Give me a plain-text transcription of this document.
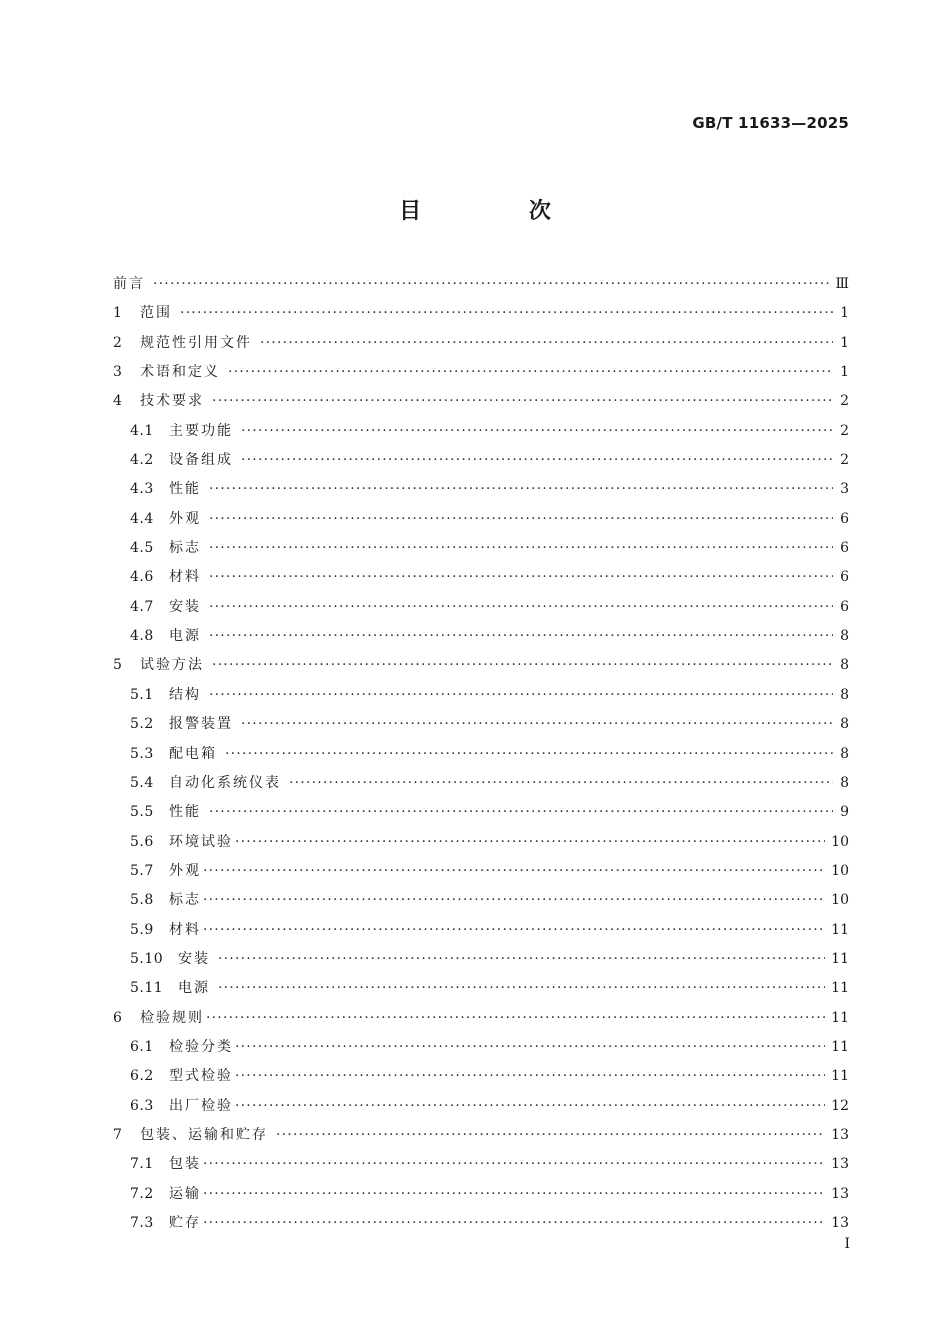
GB/T 11633—2025
目 次
前言 ·····	Ⅲ
1	范围 ·····	1
2	规范性引用文件 ·····	1
3	术语和定义 ·····	1
4	技术要求 ·····	2
4.1	主要功能 ·····	2
4.2	设备组成 ·····	2
4.3	性能 ·····	3
4.4	外观 ·····	6
4.5	标志 ·····	6
4.6	材料 ·····	6
4.7	安装 ·····	6
4.8	电源 ·····	8
5	试验方法 ·····	8
5.1	结构 ·····	8
5.2	报警装置 ·····	8
5.3	配电箱 ·····	8
5.4	自动化系统仪表 ·····	8
5.5	性能 ·····	9
5.6	环境试验 ·····	10
5.7	外观 ·····	10
5.8	标志 ·····	10
5.9	材料 ·····	11
5.10	安装 ·····	11
5.11	电源 ·····	11
6	检验规则 ·····	11
6.1	检验分类 ·····	11
6.2	型式检验 ·····	11
6.3	出厂检验 ·····	12
7	包装、运输和贮存 ·····	13
7.1	包装 ·····	13
7.2	运输 ·····	13
7.3	贮存 ·····	13
I
